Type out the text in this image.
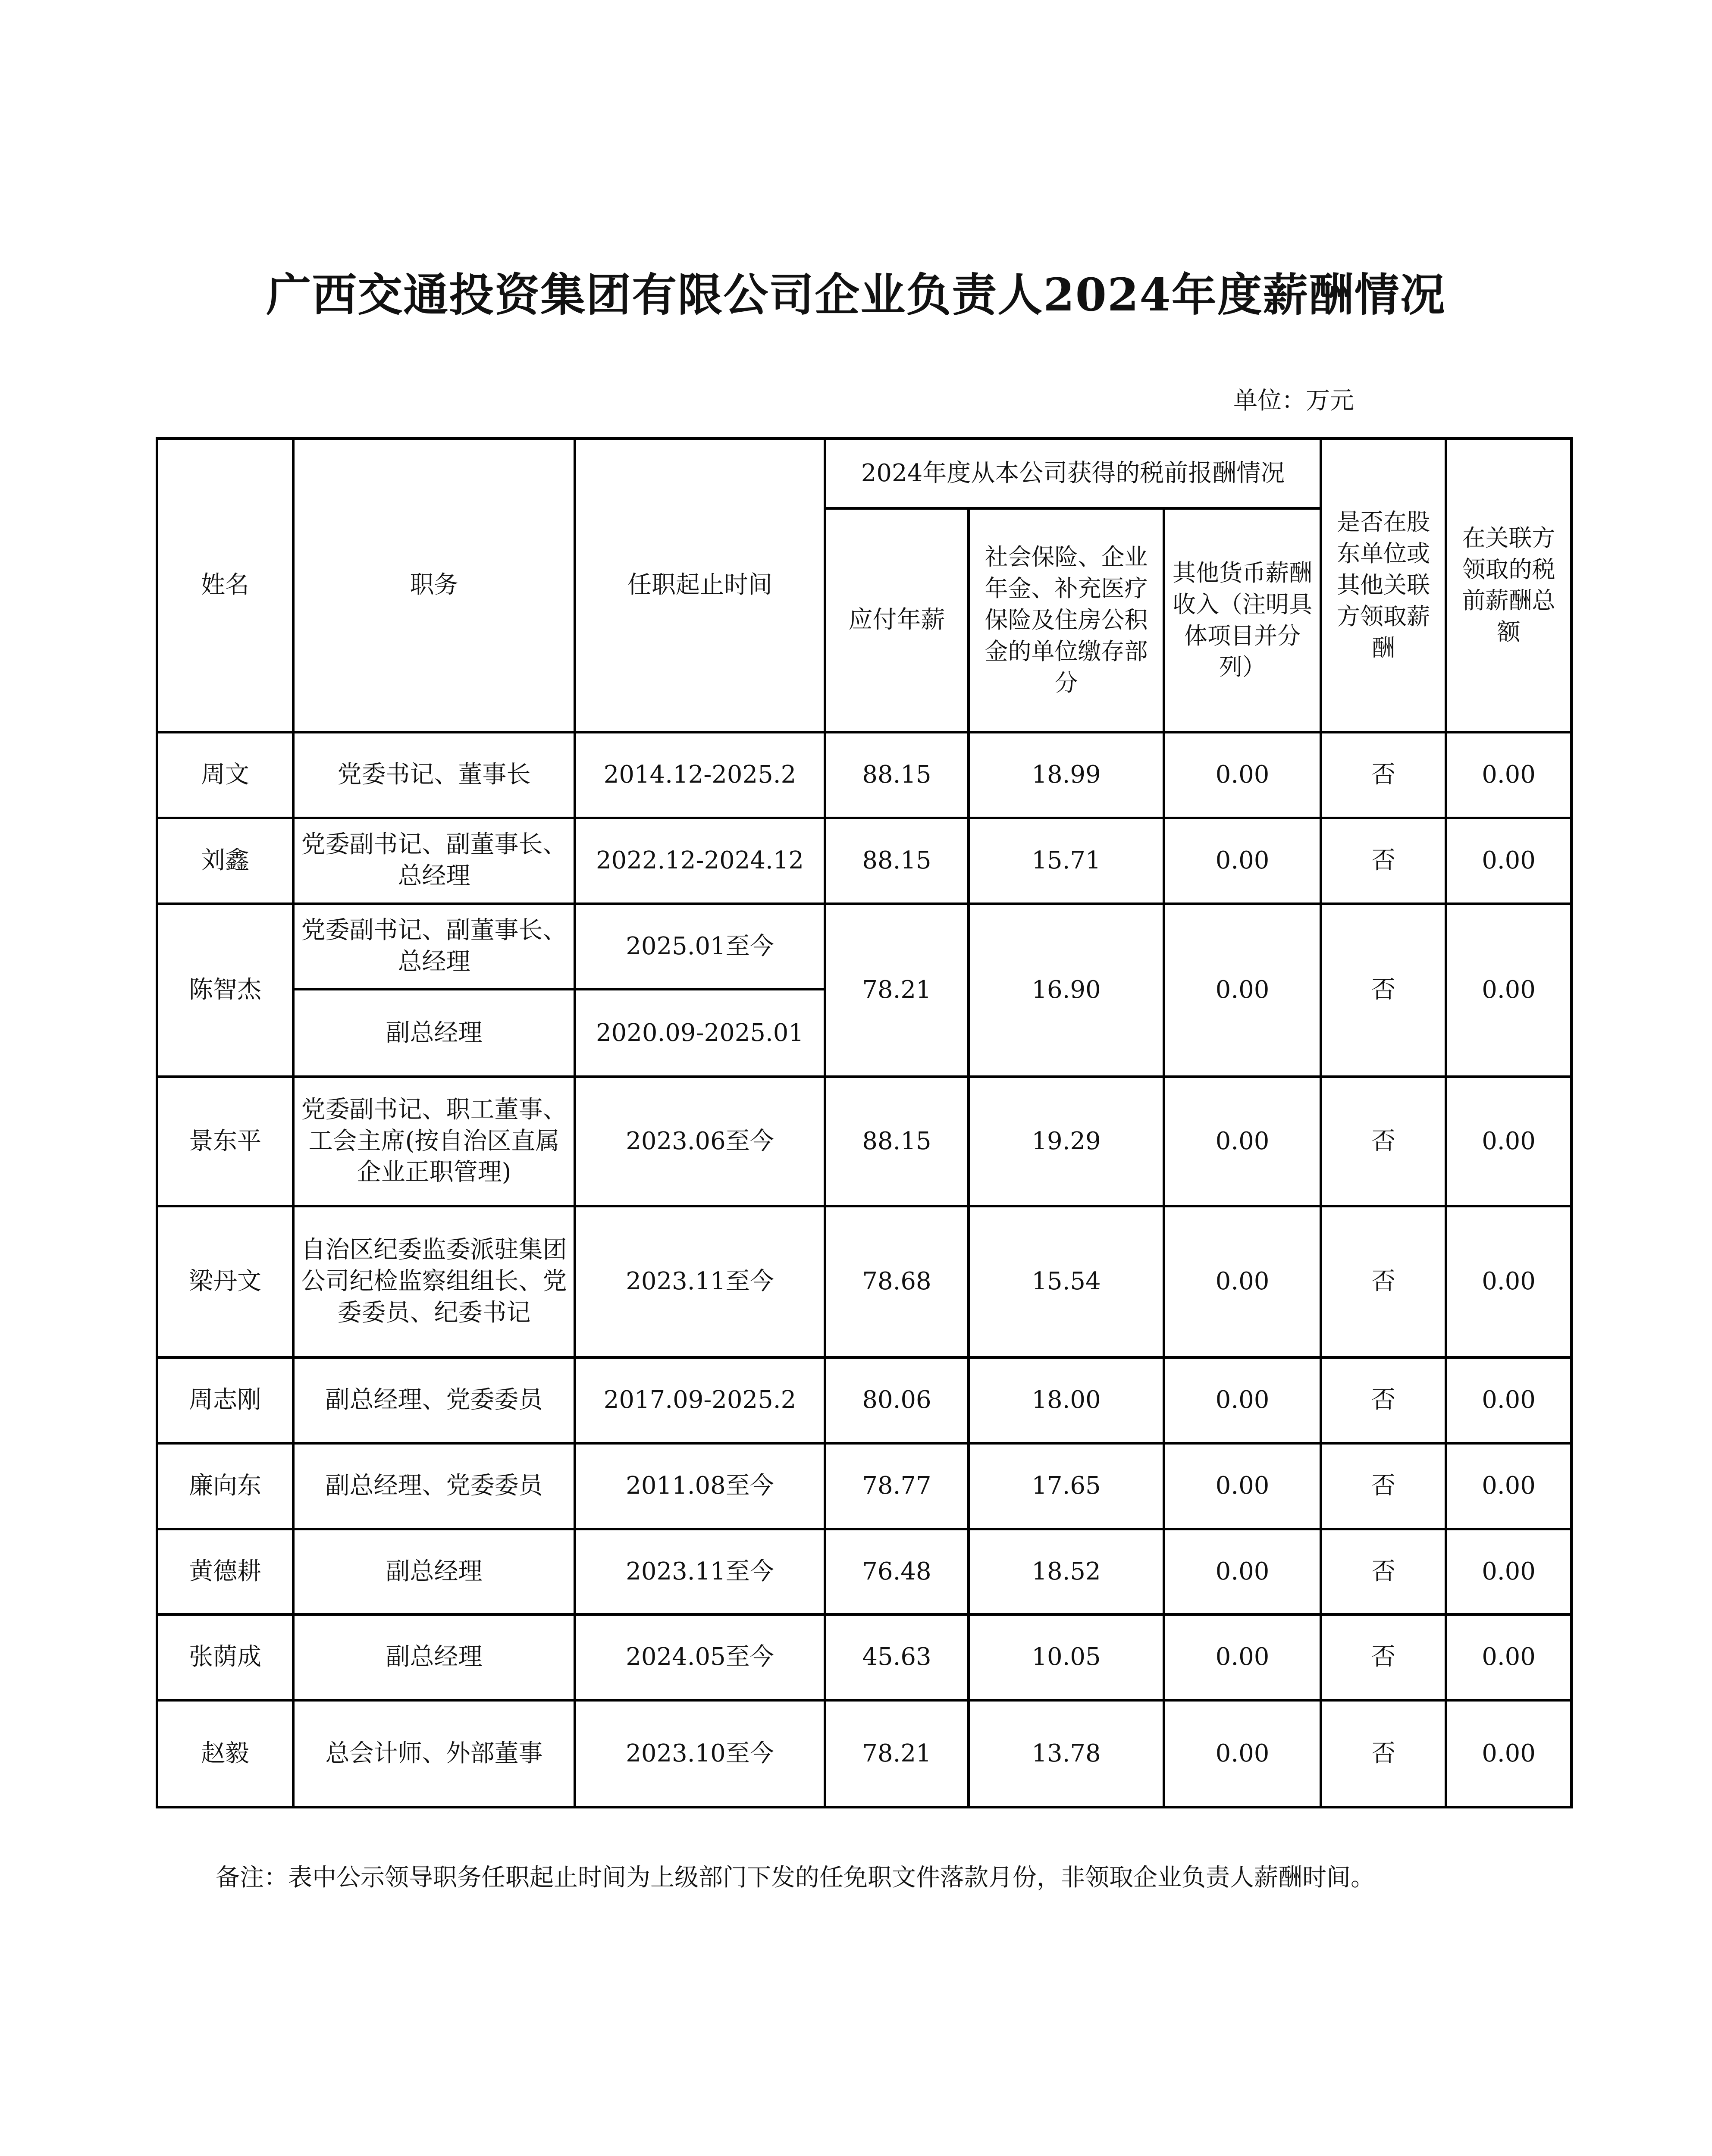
广西交通投资集团有限公司企业负责人2024年度薪酬情况
单位：万元
姓名	职务	任职起止时间	2024年度从本公司获得的税前报酬情况			是否在股东单位或其他关联方领取薪酬	在关联方领取的税前薪酬总额
			应付年薪	社会保险、企业年金、补充医疗保险及住房公积金的单位缴存部分	其他货币薪酬收入（注明具体项目并分列）		
周文	党委书记、董事长	2014.12-2025.2	88.15	18.99	0.00	否	0.00
刘鑫	党委副书记、副董事长、总经理	2022.12-2024.12	88.15	15.71	0.00	否	0.00
陈智杰	党委副书记、副董事长、总经理	2025.01至今	78.21	16.90	0.00	否	0.00
	副总经理	2020.09-2025.01					
景东平	党委副书记、职工董事、工会主席(按自治区直属企业正职管理)	2023.06至今	88.15	19.29	0.00	否	0.00
梁丹文	自治区纪委监委派驻集团公司纪检监察组组长、党委委员、纪委书记	2023.11至今	78.68	15.54	0.00	否	0.00
周志刚	副总经理、党委委员	2017.09-2025.2	80.06	18.00	0.00	否	0.00
廉向东	副总经理、党委委员	2011.08至今	78.77	17.65	0.00	否	0.00
黄德耕	副总经理	2023.11至今	76.48	18.52	0.00	否	0.00
张荫成	副总经理	2024.05至今	45.63	10.05	0.00	否	0.00
赵毅	总会计师、外部董事	2023.10至今	78.21	13.78	0.00	否	0.00
备注：表中公示领导职务任职起止时间为上级部门下发的任免职文件落款月份，非领取企业负责人薪酬时间。
